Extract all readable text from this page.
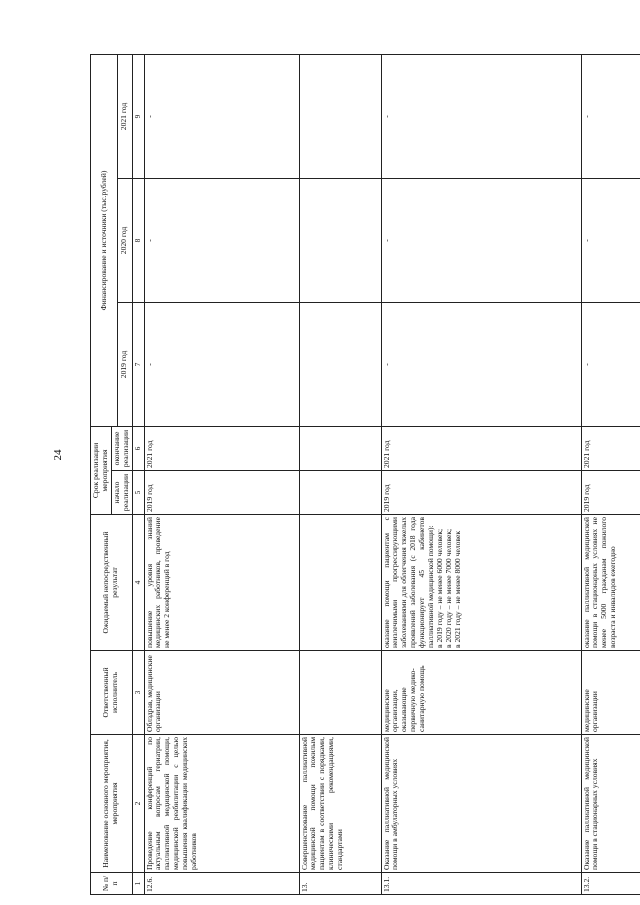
24
№ п/п	Наименование основного мероприятия, мероприятия	Ответственный исполнитель	Ожидаемый непосредственный результат	Срок реализации мероприятия		Финансирование и источники (тыс.рублей)		
				начало реализации	окончание реализации			
						2019 год	2020 год	2021 год
1	2	3	4	5	6	7	8	9
12.6.	Проведение конференций по актуальным вопросам гериатрии, паллиативной медицинской помощи, медицинской реабилитации с целью повышения квалификации медицинских работников	Облздрав, медицинские организации	повышение уровня знаний медицинских работников, проведение не менее 2 конференций в год	2019 год	2021 год	-	-	-
13.	Совершенствование паллиативной медицинской помощи пожилым пациентам в соответствии с порядками, клиническими рекомендациями, стандартами							
13.1.	Оказание паллиативной медицинской помощи в амбулаторных условиях	медицинские организации, оказывающие первичную медико-санитарную помощь	оказание помощи пациентам с неизлечимыми прогрессирующими заболеваниями для облегчения тяжелых проявлений заболевания (с 2018 года функционирует 45 кабинетов паллиативной медицинской помощи):
в 2019 году – не менее 6000 человек;
в 2020 году – не менее 7000 человек;
в 2021 году – не менее 8000 человек	2019 год	2021 год	-	-	-
13.2.	Оказание паллиативной медицинской помощи в стационарных условиях	медицинские организации	оказание паллиативной медицинской помощи в стационарных условиях не менее 5000 гражданам пожилого возраста и инвалидов ежегодно	2019 год	2021 год	-	-	-
